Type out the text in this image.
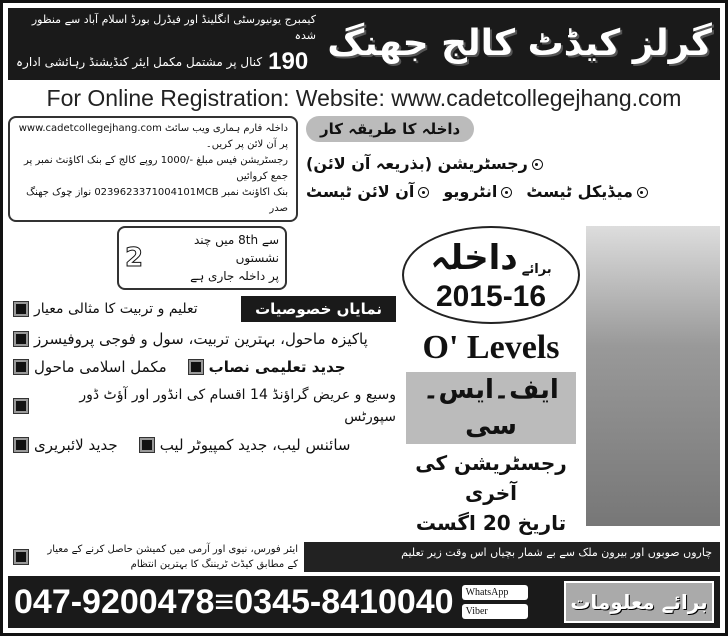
کیمبرج یونیورسٹی انگلینڈ اور فیڈرل بورڈ اسلام آباد سے منظور شدہ
کنال پر مشتمل مکمل ایئر کنڈیشنڈ رہائشی ادارہ 190 گرلز کیڈٹ کالج جھنگ
For Online Registration: Website: www.cadetcollegejhang.com
داخلہ فارم ہماری ویب سائٹ www.cadetcollegejhang.com پر آن لائن پر کریں۔
رجسٹریشن فیس مبلغ -/1000 روپے کالج کے بنک اکاؤنٹ نمبر پر جمع کروائیں
بنک اکاؤنٹ نمبر 0239623371004101MCB نواز چوک جھنگ صدر
داخلہ کا طریقہ کار
رجسٹریشن (بذریعہ آن لائن)
آن لائن ٹیسٹ	انٹرویو	میڈیکل ٹیسٹ
2
سے 8th میں چند نشستوں
پر داخلہ جاری ہے
تعلیم و تربیت کا مثالی معیار	نمایاں خصوصیات
پاکیزہ ماحول، بہترین تربیت، سول و فوجی پروفیسرز
مکمل اسلامی ماحول	جدید تعلیمی نصاب
وسیع و عریض گراؤنڈ 14 اقسام کی انڈور اور آؤٹ ڈور سپورٹس
جدید لائبریری	سائنس لیب، جدید کمپیوٹر لیب
داخلہ برائے
2015-16
O' Levels
ایف۔ایس۔سی
رجسٹریشن کی آخری
تاریخ 20 اگست
ایئر فورس، نیوی اور آرمی میں کمیشن حاصل کرنے کے معیار کے مطابق کیڈٹ ٹریننگ کا بہترین انتظام
چاروں صوبوں اور بیرون ملک سے بے شمار بچیاں اس وقت زیر تعلیم
047-9200478≡0345-8410040	WhatsApp
Viber	برائے معلومات
